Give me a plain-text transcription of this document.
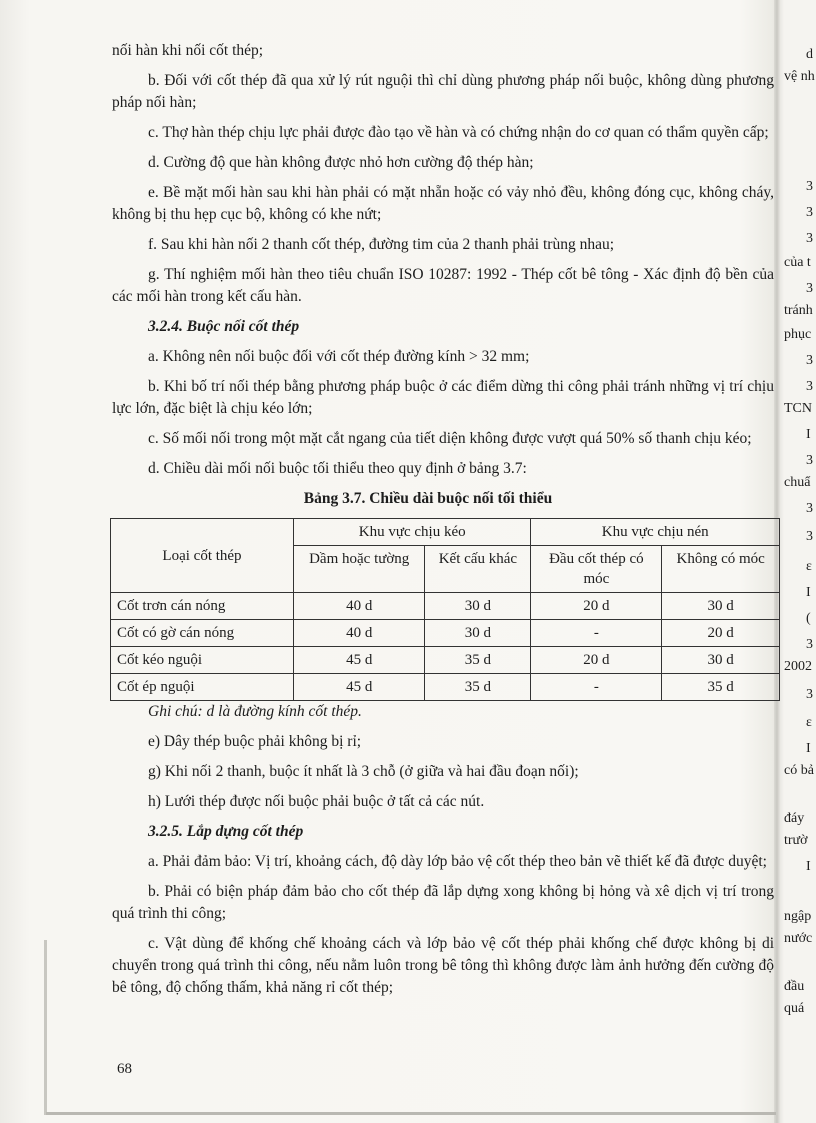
nối hàn khi nối cốt thép;

b. Đối với cốt thép đã qua xử lý rút nguội thì chỉ dùng phương pháp nối buộc, không dùng phương pháp nối hàn;

c. Thợ hàn thép chịu lực phải được đào tạo về hàn và có chứng nhận do cơ quan có thẩm quyền cấp;

d. Cường độ que hàn không được nhỏ hơn cường độ thép hàn;

e. Bề mặt mối hàn sau khi hàn phải có mặt nhẵn hoặc có vảy nhỏ đều, không đóng cục, không cháy, không bị thu hẹp cục bộ, không có khe nứt;

f. Sau khi hàn nối 2 thanh cốt thép, đường tim của 2 thanh phải trùng nhau;

g. Thí nghiệm mối hàn theo tiêu chuẩn ISO 10287: 1992 - Thép cốt bê tông - Xác định độ bền của các mối hàn trong kết cấu hàn.

3.2.4. Buộc nối cốt thép

a. Không nên nối buộc đối với cốt thép đường kính > 32 mm;

b. Khi bố trí nối thép bằng phương pháp buộc ở các điểm dừng thi công phải tránh những vị trí chịu lực lớn, đặc biệt là chịu kéo lớn;

c. Số mối nối trong một mặt cắt ngang của tiết diện không được vượt quá 50% số thanh chịu kéo;

d. Chiều dài mối nối buộc tối thiểu theo quy định ở bảng 3.7:

Bảng 3.7. Chiều dài buộc nối tối thiểu

Loại cốt thép	Khu vực chịu kéo		Khu vực chịu nén	
	Dầm hoặc tường	Kết cấu khác	Đầu cốt thép có móc	Không có móc
Cốt trơn cán nóng	40 d	30 d	20 d	30 d
Cốt có gờ cán nóng	40 d	30 d	-	20 d
Cốt kéo nguội	45 d	35 d	20 d	30 d
Cốt ép nguội	45 d	35 d	-	35 d

Ghi chú: d là đường kính cốt thép.

e) Dây thép buộc phải không bị rỉ;

g) Khi nối 2 thanh, buộc ít nhất là 3 chỗ (ở giữa và hai đầu đoạn nối);

h) Lưới thép được nối buộc phải buộc ở tất cả các nút.

3.2.5. Lắp dựng cốt thép

a. Phải đảm bảo: Vị trí, khoảng cách, độ dày lớp bảo vệ cốt thép theo bản vẽ thiết kế đã được duyệt;

b. Phải có biện pháp đảm bảo cho cốt thép đã lắp dựng xong không bị hỏng và xê dịch vị trí trong quá trình thi công;

c. Vật dùng để khống chế khoảng cách và lớp bảo vệ cốt thép phải khống chế được không bị di chuyển trong quá trình thi công, nếu nằm luôn trong bê tông thì không được làm ảnh hưởng đến cường độ bê tông, độ chống thấm, khả năng rỉ cốt thép;

68
d
vệ nh
3
3
3
của t
3
tránh
phục
3
3
TCN
I
3
chuẩ
3
3
ε
I
(
3
2002
3
ε
I
có bả
đáy
trườ
I
ngập
nước
đầu
quá
